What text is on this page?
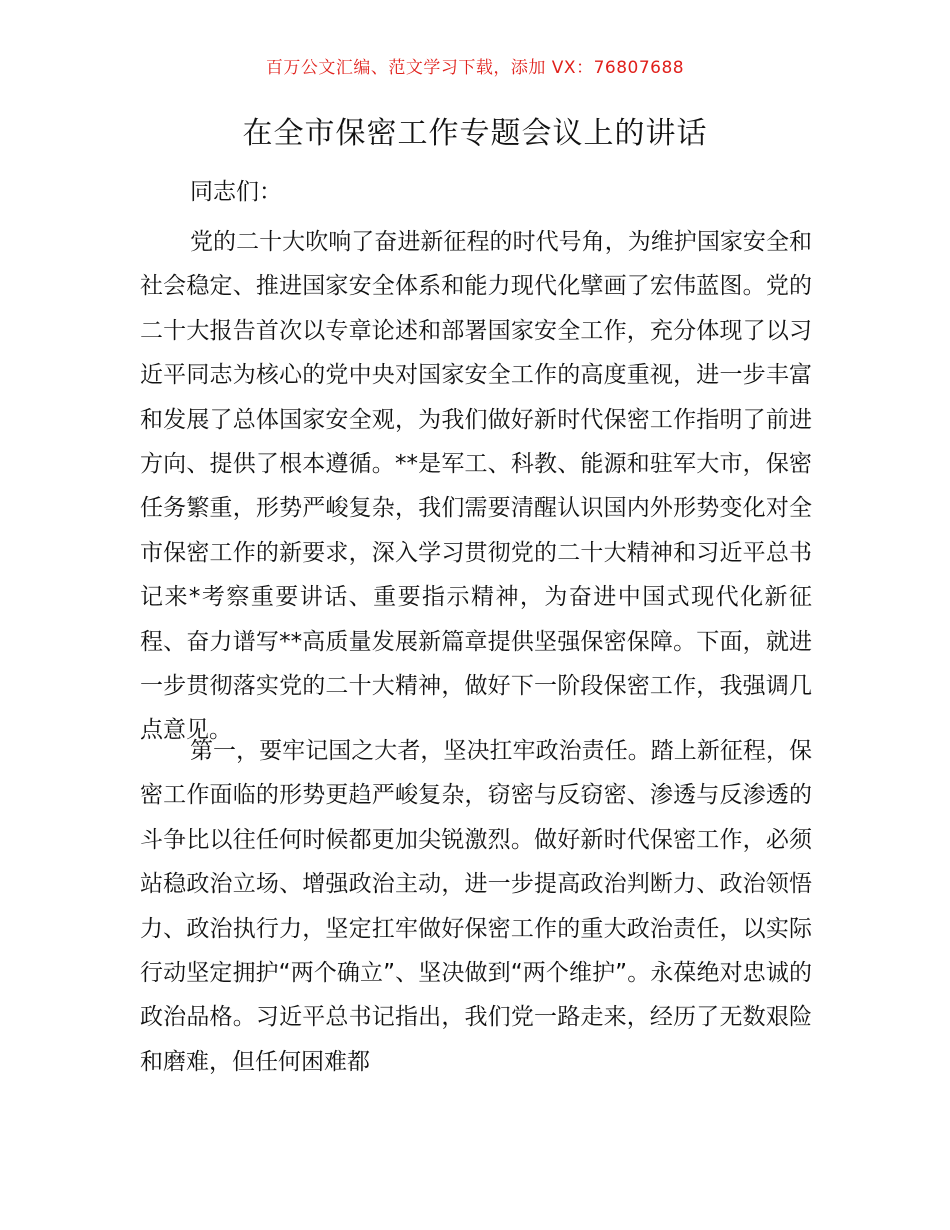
百万公文汇编、范文学习下载，添加 VX：76807688
在全市保密工作专题会议上的讲话

同志们：

党的二十大吹响了奋进新征程的时代号角，为维护国家安全和社会稳定、推进国家安全体系和能力现代化擘画了宏伟蓝图。党的二十大报告首次以专章论述和部署国家安全工作，充分体现了以习近平同志为核心的党中央对国家安全工作的高度重视，进一步丰富和发展了总体国家安全观，为我们做好新时代保密工作指明了前进方向、提供了根本遵循。**是军工、科教、能源和驻军大市，保密任务繁重，形势严峻复杂，我们需要清醒认识国内外形势变化对全市保密工作的新要求，深入学习贯彻党的二十大精神和习近平总书记来*考察重要讲话、重要指示精神，为奋进中国式现代化新征程、奋力谱写**高质量发展新篇章提供坚强保密保障。下面，就进一步贯彻落实党的二十大精神，做好下一阶段保密工作，我强调几点意见。

第一，要牢记国之大者，坚决扛牢政治责任。踏上新征程，保密工作面临的形势更趋严峻复杂，窃密与反窃密、渗透与反渗透的斗争比以往任何时候都更加尖锐激烈。做好新时代保密工作，必须站稳政治立场、增强政治主动，进一步提高政治判断力、政治领悟力、政治执行力，坚定扛牢做好保密工作的重大政治责任，以实际行动坚定拥护“两个确立”、坚决做到“两个维护”。永葆绝对忠诚的政治品格。习近平总书记指出，我们党一路走来，经历了无数艰险和磨难，但任何困难都
